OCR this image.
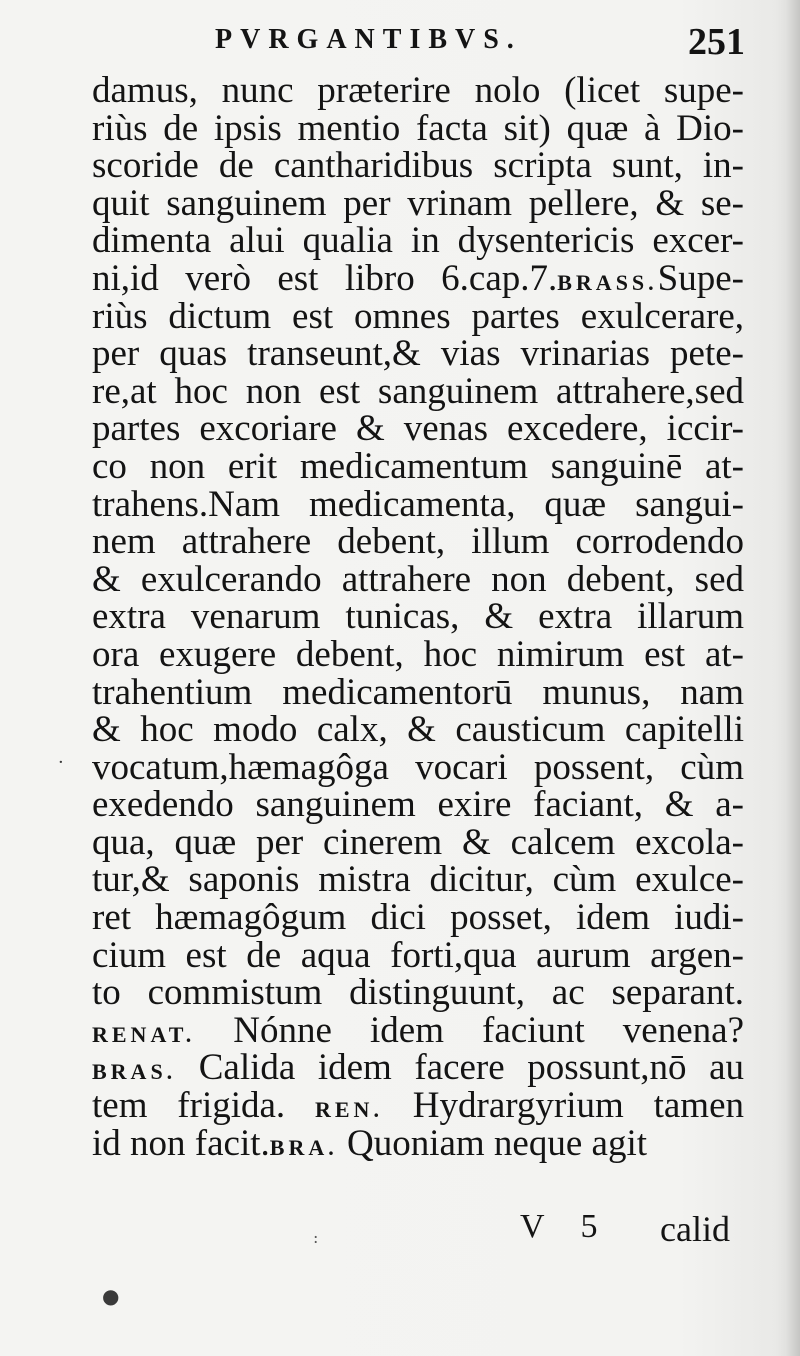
PVRGANTIBVS.	251
damus, nunc præterire nolo (licet supe-
riùs de ipsis mentio facta sit) quæ à Dio-
scoride de cantharidibus scripta sunt, in-
quit sanguinem per vrinam pellere, & se-
dimenta alui qualia in dysentericis excer-
ni,id verò est libro 6.cap.7.BRASS.Supe-
riùs dictum est omnes partes exulcerare,
per quas transeunt,& vias vrinarias pete-
re,at hoc non est sanguinem attrahere,sed
partes excoriare & venas excedere, iccir-
co non erit medicamentum sanguinē at-
trahens.Nam medicamenta, quæ sangui-
nem attrahere debent, illum corrodendo
& exulcerando attrahere non debent, sed
extra venarum tunicas, & extra illarum
ora exugere debent, hoc nimirum est at-
trahentium medicamentorū munus, nam
& hoc modo calx, & causticum capitelli
vocatum,hæmagôga vocari possent, cùm
exedendo sanguinem exire faciant, & a-
qua, quæ per cinerem & calcem excola-
tur,& saponis mistra dicitur, cùm exulce-
ret hæmagôgum dici posset, idem iudi-
cium est de aqua forti,qua aurum argen-
to commistum distinguunt, ac separant.
RENAT. Nónne idem faciunt venena?
BRAS. Calida idem facere possunt,nō au
tem frigida. REN. Hydrargyrium tamen
id non facit.BRA. Quoniam neque agit
V 5 calid
·
:
●
